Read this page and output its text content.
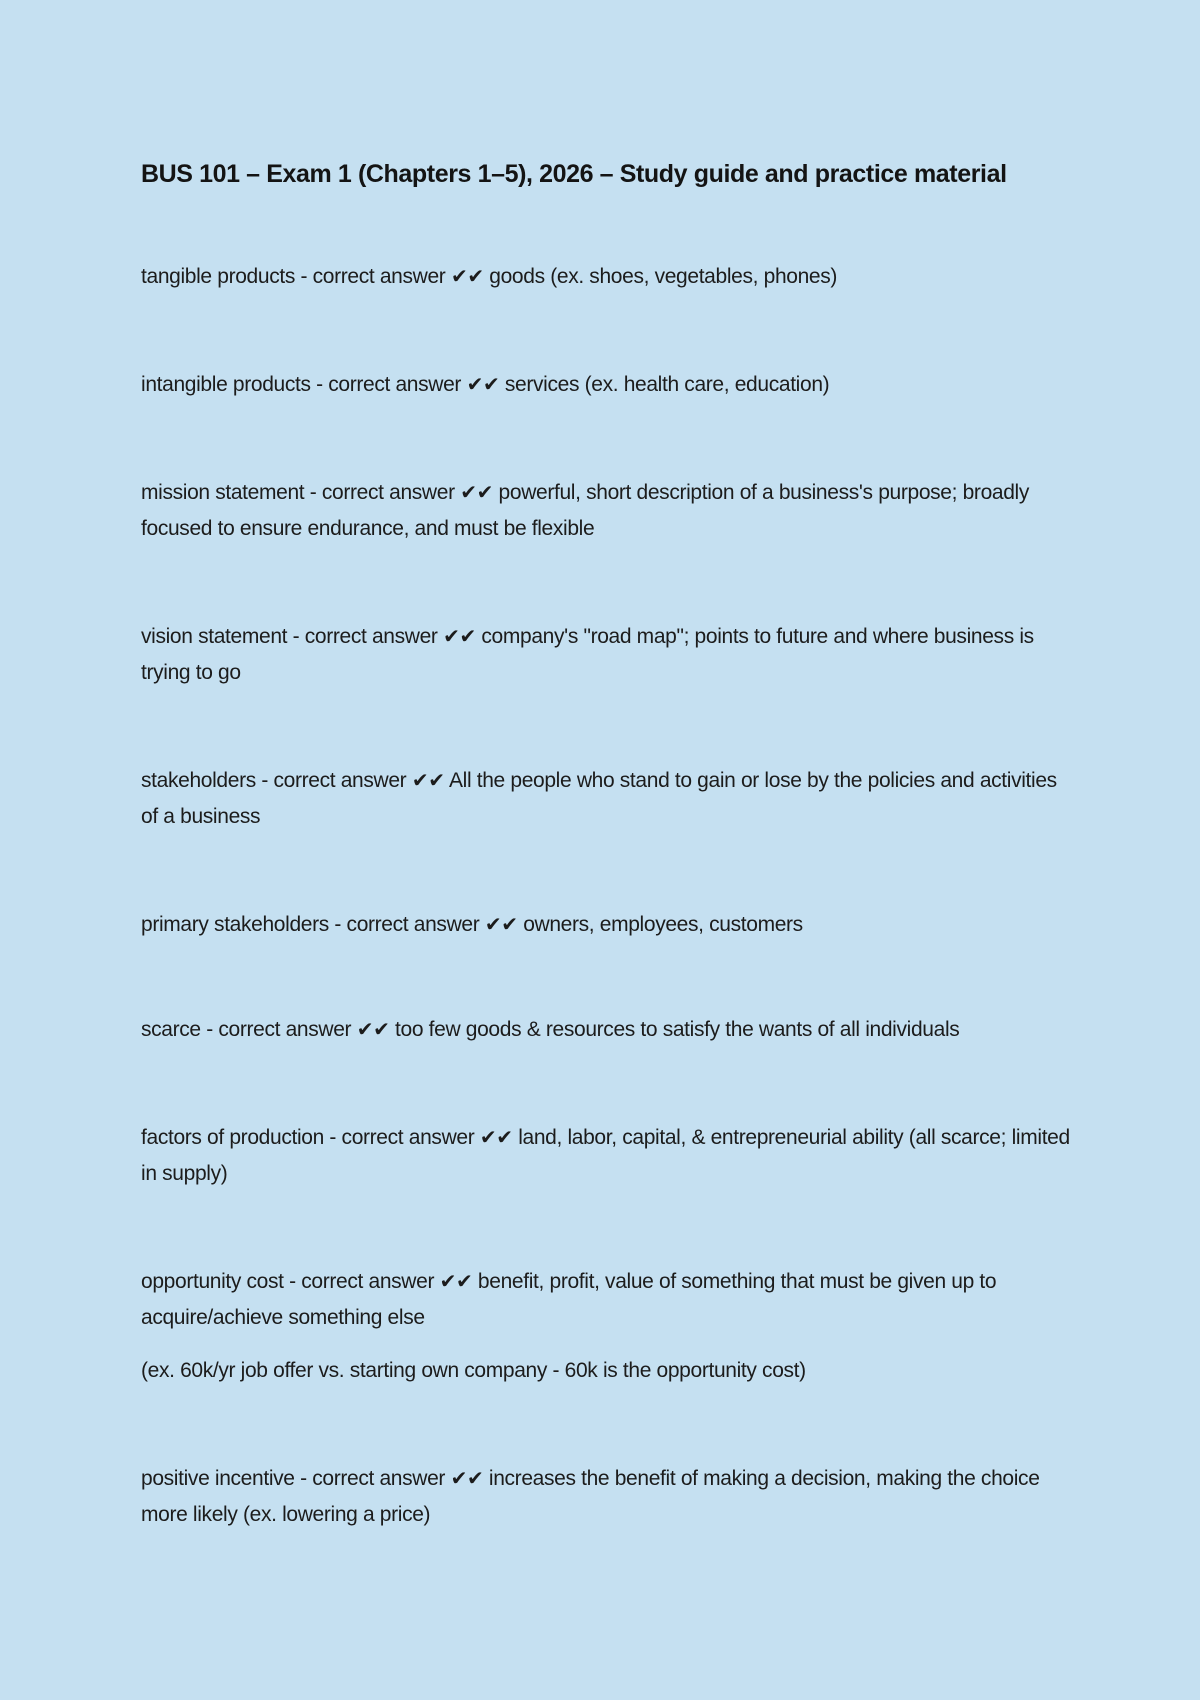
BUS 101 – Exam 1 (Chapters 1–5), 2026 – Study guide and practice material

tangible products - correct answer ✔✔ goods (ex. shoes, vegetables, phones)

intangible products - correct answer ✔✔ services (ex. health care, education)

mission statement - correct answer ✔✔ powerful, short description of a business's purpose; broadly focused to ensure endurance, and must be flexible

vision statement - correct answer ✔✔ company's "road map"; points to future and where business is trying to go

stakeholders - correct answer ✔✔ All the people who stand to gain or lose by the policies and activities of a business

primary stakeholders - correct answer ✔✔ owners, employees, customers

scarce - correct answer ✔✔ too few goods & resources to satisfy the wants of all individuals

factors of production - correct answer ✔✔ land, labor, capital, & entrepreneurial ability (all scarce; limited in supply)

opportunity cost - correct answer ✔✔ benefit, profit, value of something that must be given up to acquire/achieve something else

(ex. 60k/yr job offer vs. starting own company - 60k is the opportunity cost)

positive incentive - correct answer ✔✔ increases the benefit of making a decision, making the choice more likely (ex. lowering a price)
